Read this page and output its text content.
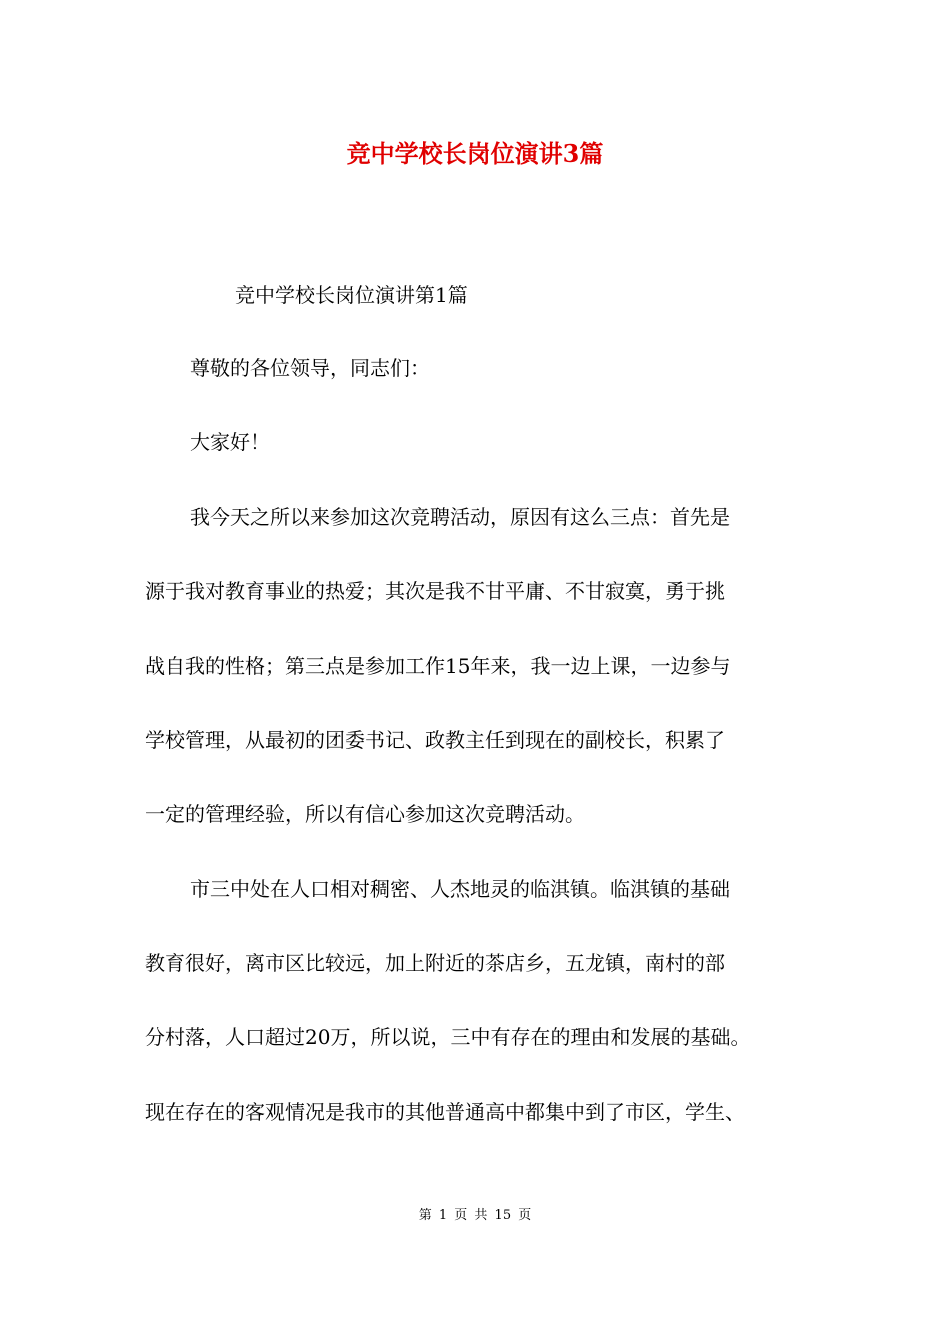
竞中学校长岗位演讲3篇

竞中学校长岗位演讲第1篇

尊敬的各位领导，同志们：

大家好！

我今天之所以来参加这次竞聘活动，原因有这么三点：首先是

源于我对教育事业的热爱；其次是我不甘平庸、不甘寂寞，勇于挑

战自我的性格；第三点是参加工作15年来，我一边上课，一边参与

学校管理，从最初的团委书记、政教主任到现在的副校长，积累了

一定的管理经验，所以有信心参加这次竞聘活动。

市三中处在人口相对稠密、人杰地灵的临淇镇。临淇镇的基础

教育很好，离市区比较远，加上附近的茶店乡，五龙镇，南村的部

分村落，人口超过20万，所以说，三中有存在的理由和发展的基础。

现在存在的客观情况是我市的其他普通高中都集中到了市区，学生、

第 1 页 共 15 页
